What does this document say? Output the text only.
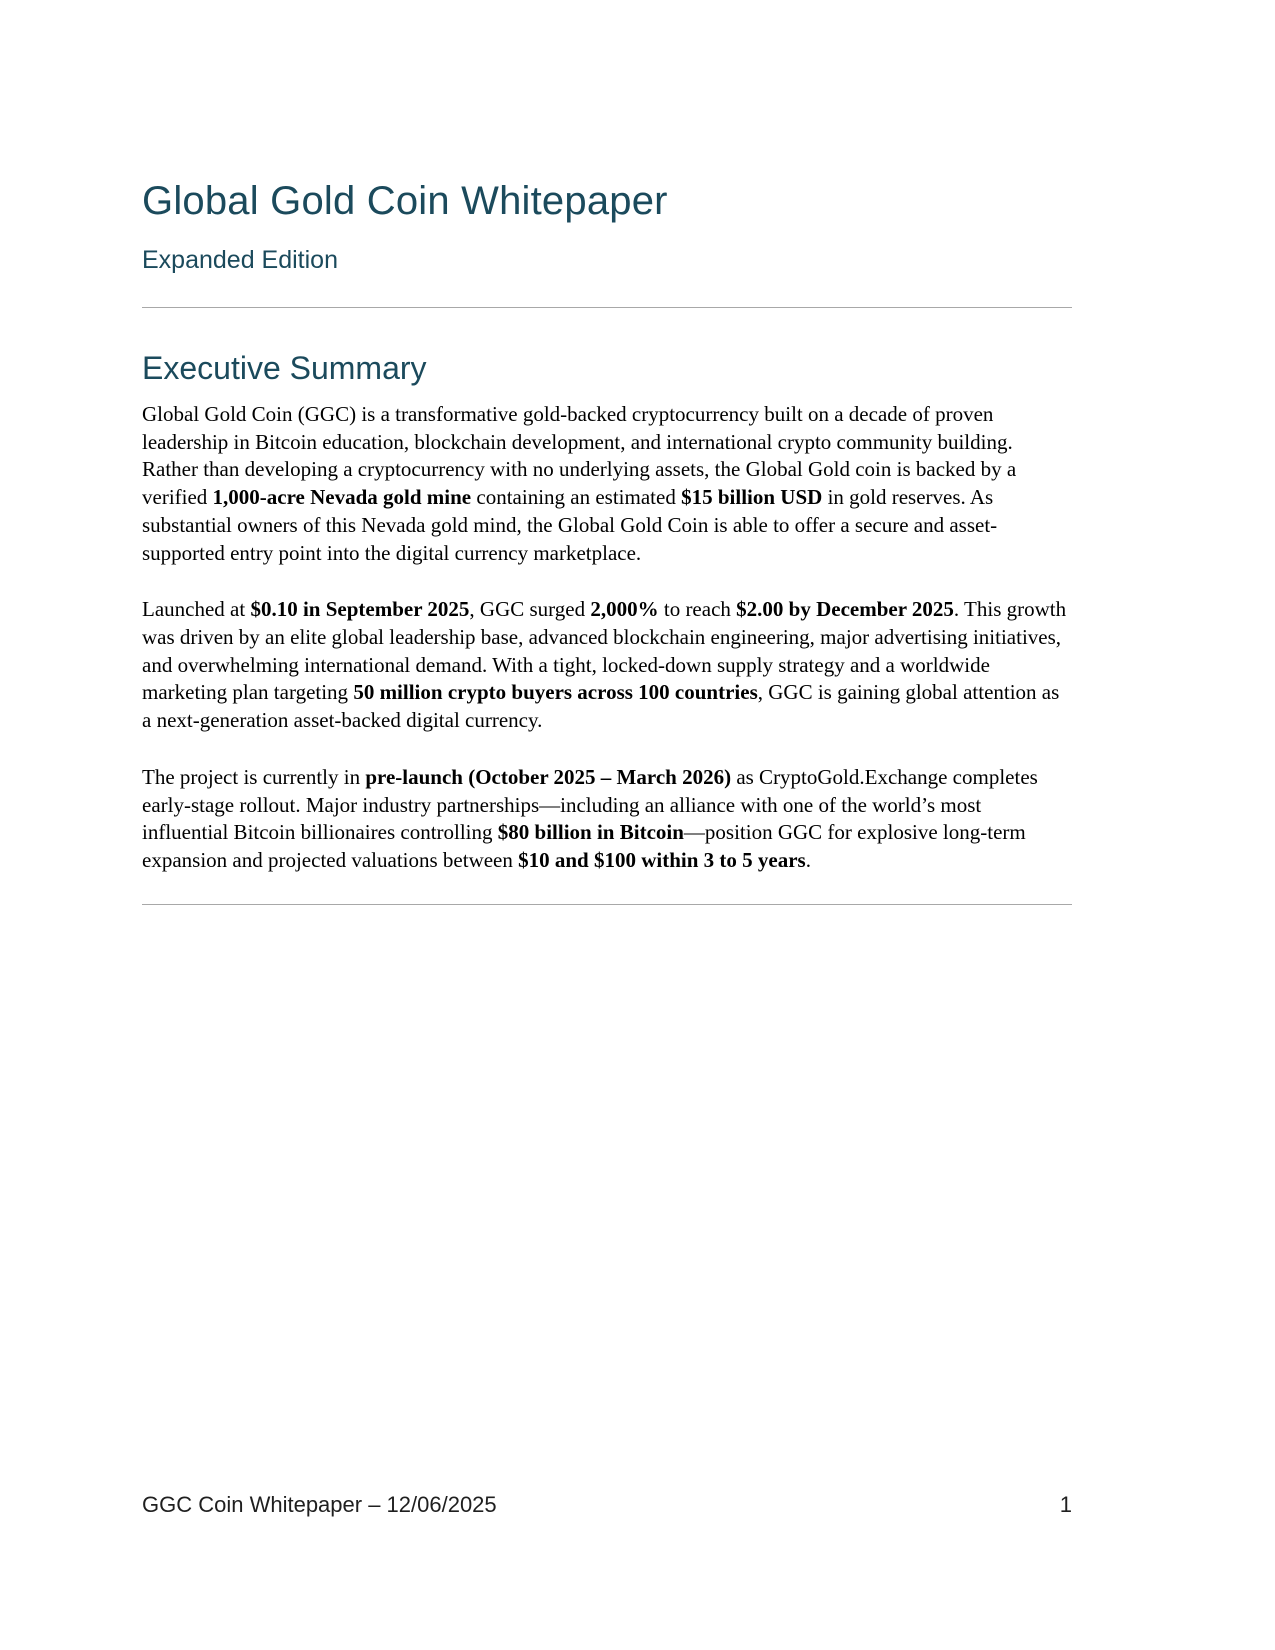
Global Gold Coin Whitepaper
Expanded Edition
Executive Summary

Global Gold Coin (GGC) is a transformative gold-backed cryptocurrency built on a decade of proven leadership in Bitcoin education, blockchain development, and international crypto community building. Rather than developing a cryptocurrency with no underlying assets, the Global Gold coin is backed by a verified 1,000-acre Nevada gold mine containing an estimated $15 billion USD in gold reserves. As substantial owners of this Nevada gold mind, the Global Gold Coin is able to offer a secure and asset-supported entry point into the digital currency marketplace.

Launched at $0.10 in September 2025, GGC surged 2,000% to reach $2.00 by December 2025. This growth was driven by an elite global leadership base, advanced blockchain engineering, major advertising initiatives, and overwhelming international demand. With a tight, locked-down supply strategy and a worldwide marketing plan targeting 50 million crypto buyers across 100 countries, GGC is gaining global attention as a next-generation asset-backed digital currency.

The project is currently in pre-launch (October 2025 – March 2026) as CryptoGold.Exchange completes early-stage rollout. Major industry partnerships—including an alliance with one of the world’s most influential Bitcoin billionaires controlling $80 billion in Bitcoin—position GGC for explosive long-term expansion and projected valuations between $10 and $100 within 3 to 5 years.

GGC Coin Whitepaper – 12/06/2025	1
